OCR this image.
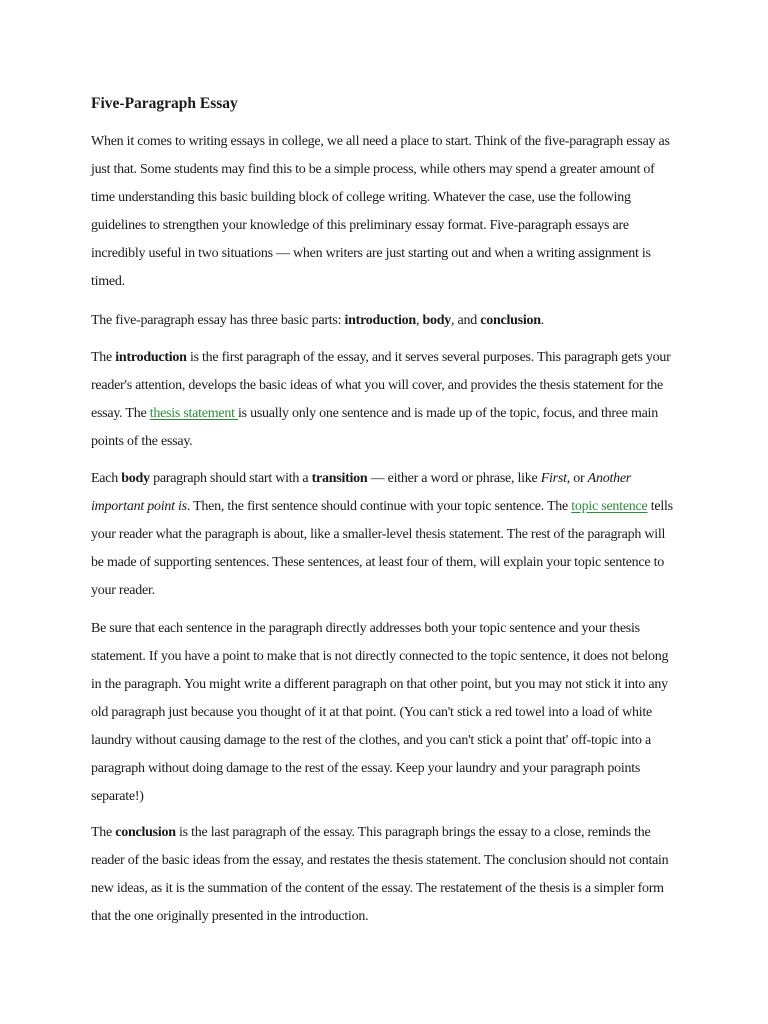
Five-Paragraph Essay

When it comes to writing essays in college, we all need a place to start. Think of the five-paragraph essay as just that. Some students may find this to be a simple process, while others may spend a greater amount of time understanding this basic building block of college writing. Whatever the case, use the following guidelines to strengthen your knowledge of this preliminary essay format. Five-paragraph essays are incredibly useful in two situations — when writers are just starting out and when a writing assignment is timed.

The five-paragraph essay has three basic parts: introduction, body, and conclusion.

The introduction is the first paragraph of the essay, and it serves several purposes. This paragraph gets your reader's attention, develops the basic ideas of what you will cover, and provides the thesis statement for the essay. The thesis statement is usually only one sentence and is made up of the topic, focus, and three main points of the essay.

Each body paragraph should start with a transition — either a word or phrase, like First, or Another important point is. Then, the first sentence should continue with your topic sentence. The topic sentence tells your reader what the paragraph is about, like a smaller-level thesis statement. The rest of the paragraph will be made of supporting sentences. These sentences, at least four of them, will explain your topic sentence to your reader.

Be sure that each sentence in the paragraph directly addresses both your topic sentence and your thesis statement. If you have a point to make that is not directly connected to the topic sentence, it does not belong in the paragraph. You might write a different paragraph on that other point, but you may not stick it into any old paragraph just because you thought of it at that point. (You can't stick a red towel into a load of white laundry without causing damage to the rest of the clothes, and you can't stick a point that' off-topic into a paragraph without doing damage to the rest of the essay. Keep your laundry and your paragraph points separate!)

The conclusion is the last paragraph of the essay. This paragraph brings the essay to a close, reminds the reader of the basic ideas from the essay, and restates the thesis statement. The conclusion should not contain new ideas, as it is the summation of the content of the essay. The restatement of the thesis is a simpler form that the one originally presented in the introduction.
